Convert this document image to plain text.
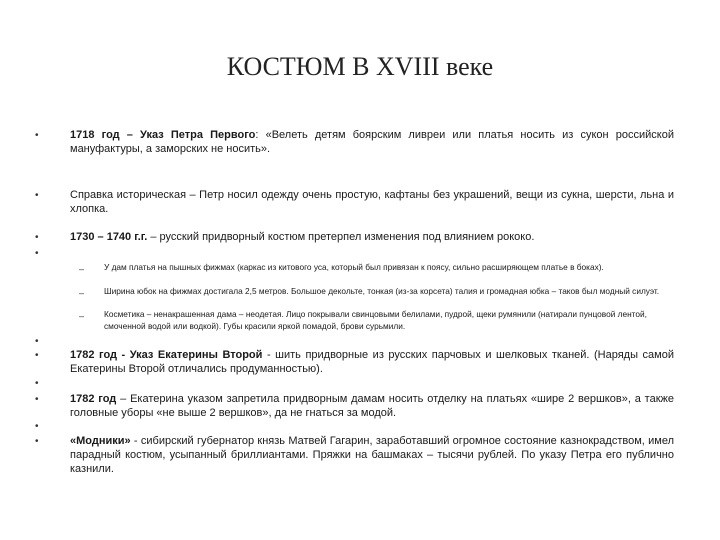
КОСТЮМ В XVIII веке
•
•
•
•
•
•
•
•
•
•
1718 год – Указ Петра Первого: «Велеть детям боярским ливреи или платья носить из сукон российской мануфактуры, а заморских не носить».
Справка историческая – Петр носил одежду очень простую, кафтаны без украшений, вещи из сукна, шерсти, льна и хлопка.
1730 – 1740 г.г. – русский придворный костюм претерпел изменения под влиянием рококо.
– У дам платья на пышных фижмах (каркас из китового уса, который был привязан к поясу, сильно расширяющем платье в боках).
– Ширина юбок на фижмах достигала 2,5 метров. Большое декольте, тонкая (из-за корсета) талия и громадная юбка – таков был модный силуэт.
– Косметика – ненакрашенная дама – неодетая. Лицо покрывали свинцовыми белилами, пудрой, щеки румянили (натирали пунцовой лентой, смоченной водой или водкой). Губы красили яркой помадой, брови сурьмили.
1782 год - Указ Екатерины Второй - шить придворные из русских парчовых и шелковых тканей. (Наряды самой Екатерины Второй отличались продуманностью).
1782 год – Екатерина указом запретила придворным дамам носить отделку на платьях «шире 2 вершков», а также головные уборы «не выше 2 вершков», да не гнаться за модой.
«Модники» - сибирский губернатор князь Матвей Гагарин, заработавший огромное состояние казнокрадством, имел парадный костюм, усыпанный бриллиантами. Пряжки на башмаках – тысячи рублей. По указу Петра его публично казнили.
